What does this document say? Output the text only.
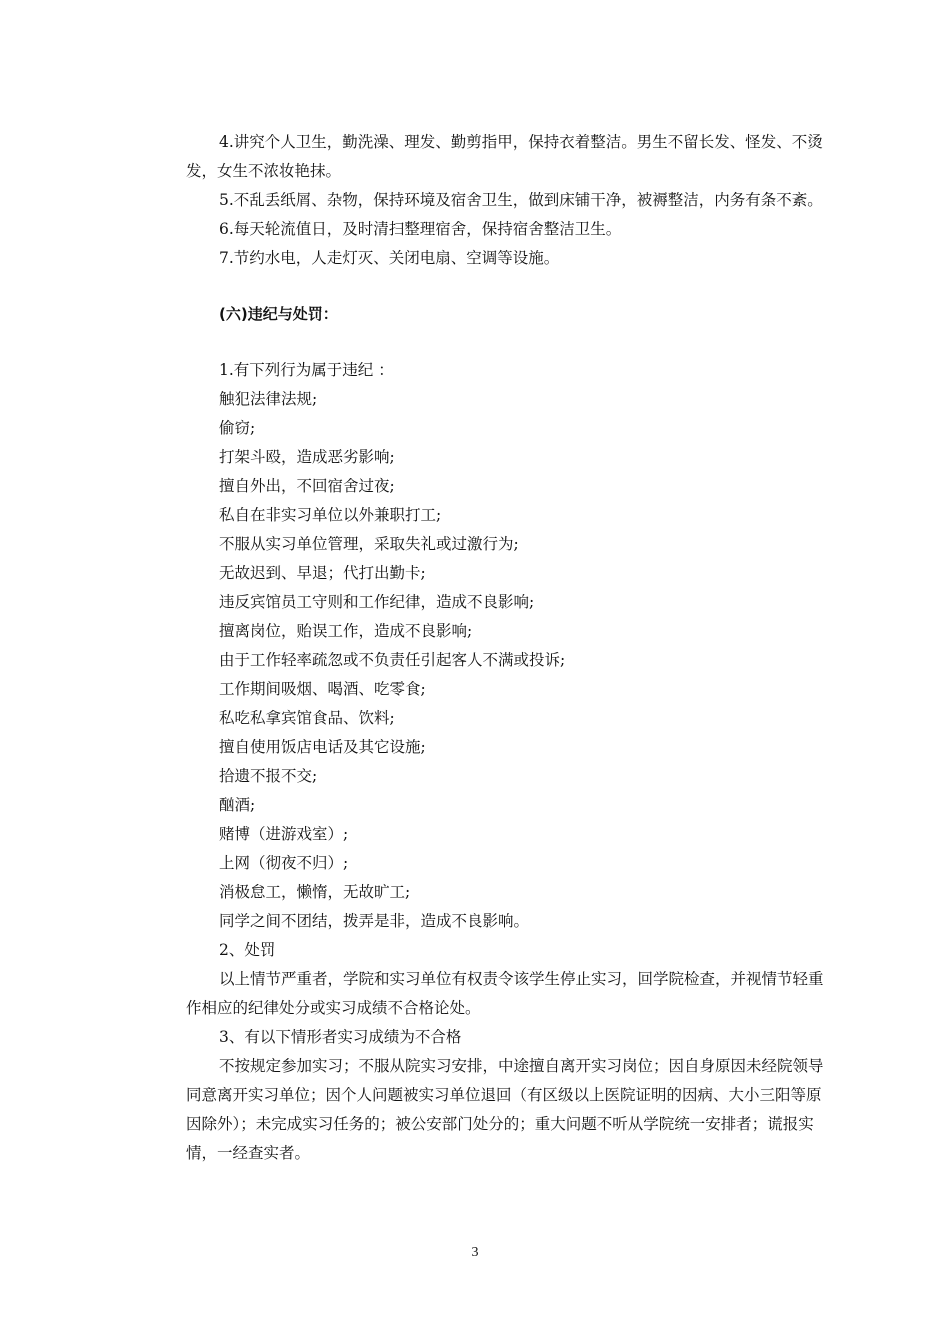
4.讲究个人卫生，勤洗澡、理发、勤剪指甲，保持衣着整洁。男生不留长发、怪发、不烫发，女生不浓妆艳抹。

5.不乱丢纸屑、杂物，保持环境及宿舍卫生，做到床铺干净，被褥整洁，内务有条不紊。

6.每天轮流值日，及时清扫整理宿舍，保持宿舍整洁卫生。

7.节约水电，人走灯灭、关闭电扇、空调等设施。

(六)违纪与处罚：

1.有下列行为属于违纪 ：

触犯法律法规;
偷窃;
打架斗殴，造成恶劣影响;
擅自外出，不回宿舍过夜;
私自在非实习单位以外兼职打工;
不服从实习单位管理，采取失礼或过激行为;
无故迟到、早退；代打出勤卡;
违反宾馆员工守则和工作纪律，造成不良影响;
擅离岗位，贻误工作，造成不良影响;
由于工作轻率疏忽或不负责任引起客人不满或投诉;
工作期间吸烟、喝酒、吃零食;
私吃私拿宾馆食品、饮料;
擅自使用饭店电话及其它设施;
拾遗不报不交;
酗酒;
赌博（进游戏室）;
上网（彻夜不归）;
消极怠工，懒惰，无故旷工;
同学之间不团结，拨弄是非，造成不良影响。

2、处罚

以上情节严重者，学院和实习单位有权责令该学生停止实习，回学院检查，并视情节轻重作相应的纪律处分或实习成绩不合格论处。

3、有以下情形者实习成绩为不合格

不按规定参加实习；不服从院实习安排，中途擅自离开实习岗位；因自身原因未经院领导同意离开实习单位；因个人问题被实习单位退回（有区级以上医院证明的因病、大小三阳等原因除外）；未完成实习任务的；被公安部门处分的；重大问题不听从学院统一安排者；谎报实情，一经查实者。

3
